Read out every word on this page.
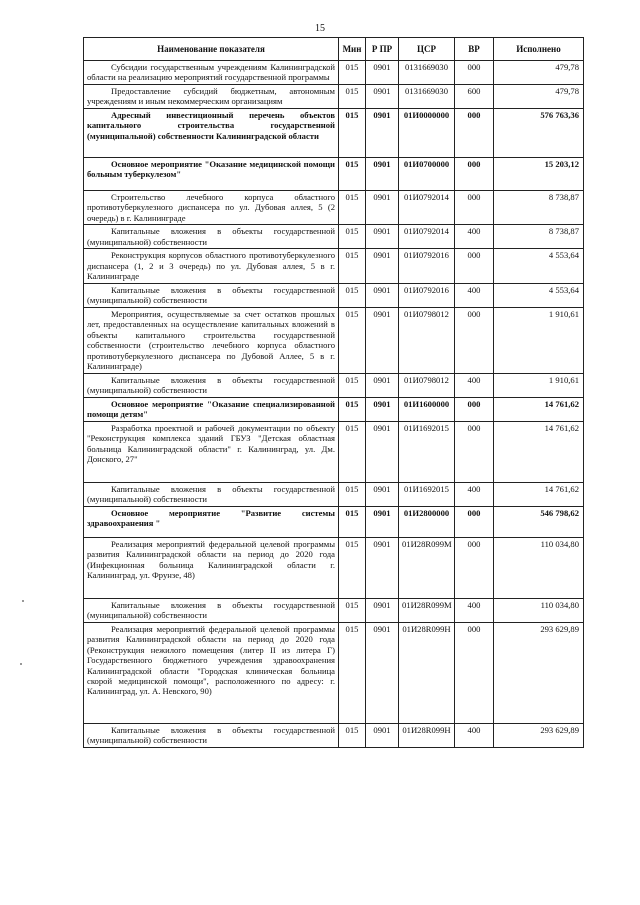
15
Наименование показателя	Мин	Р ПР	ЦСР	ВР	Исполнено
Субсидии государственным учреждениям Калининградской области на реализацию мероприятий государственной программы	015	0901	0131669030	000	479,78
Предоставление субсидий бюджетным, автономным учреждениям и иным некоммерческим организациям	015	0901	0131669030	600	479,78
Адресный инвестиционный перечень объектов капитального строительства государственной (муниципальной) собственности Калининградской области	015	0901	01И0000000	000	576 763,36
Основное мероприятие "Оказание медицинской помощи больным туберкулезом"	015	0901	01И0700000	000	15 203,12
Строительство лечебного корпуса областного противотуберкулезного диспансера по ул. Дубовая аллея, 5 (2 очередь) в г. Калининграде	015	0901	01И0792014	000	8 738,87
Капитальные вложения в объекты государственной (муниципальной) собственности	015	0901	01И0792014	400	8 738,87
Реконструкция корпусов областного противотуберкулезного диспансера (1, 2 и 3 очередь) по ул. Дубовая аллея, 5 в г. Калининграде	015	0901	01И0792016	000	4 553,64
Капитальные вложения в объекты государственной (муниципальной) собственности	015	0901	01И0792016	400	4 553,64
Мероприятия, осуществляемые за счет остатков прошлых лет, предоставленных на осуществление капитальных вложений в объекты капитального строительства государственной собственности (строительство лечебного корпуса областного противотуберкулезного диспансера по Дубовой Аллее, 5 в г. Калининграде)	015	0901	01И0798012	000	1 910,61
Капитальные вложения в объекты государственной (муниципальной) собственности	015	0901	01И0798012	400	1 910,61
Основное мероприятие "Оказание специализированной помощи детям"	015	0901	01И1600000	000	14 761,62
Разработка проектной и рабочей документации по объекту "Реконструкция комплекса зданий ГБУЗ "Детская областная больница Калининградской области" г. Калининград, ул. Дм. Донского, 27"	015	0901	01И1692015	000	14 761,62
Капитальные вложения в объекты государственной (муниципальной) собственности	015	0901	01И1692015	400	14 761,62
Основное мероприятие "Развитие системы здравоохранения "	015	0901	01И2800000	000	546 798,62
Реализация мероприятий федеральной целевой программы развития Калининградской области на период до 2020 года (Инфекционная больница Калининградской области г. Калининград, ул. Фрунзе, 48)	015	0901	01И28R099M	000	110 034,80
Капитальные вложения в объекты государственной (муниципальной) собственности	015	0901	01И28R099M	400	110 034,80
Реализация мероприятий федеральной целевой программы развития Калининградской области на период до 2020 года (Реконструкция нежилого помещения (литер II из литера Г) Государственного бюджетного учреждения здравоохранения Калининградской области "Городская клиническая больница скорой медицинской помощи", расположенного по адресу: г. Калининград, ул. А. Невского, 90)	015	0901	01И28R099H	000	293 629,89
Капитальные вложения в объекты государственной (муниципальной) собственности	015	0901	01И28R099H	400	293 629,89
